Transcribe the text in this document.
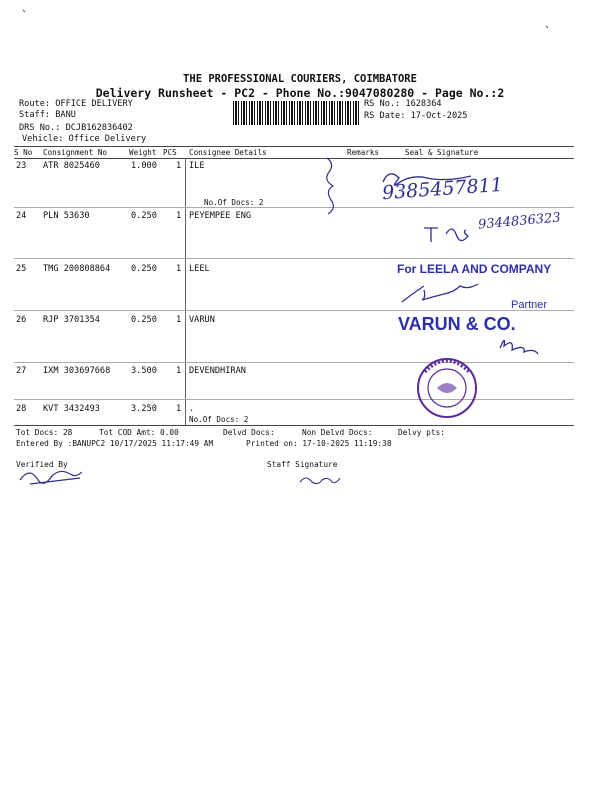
THE PROFESSIONAL COURIERS, COIMBATORE
Delivery Runsheet - PC2 - Phone No.:9047080280 - Page No.:2
Route: OFFICE DELIVERY
Staff: BANU
DRS No.: DCJB162836402
Vehicle: Office Delivery
RS No.: 1628364
RS Date: 17-Oct-2025
S No Consignment No	Weight PCS Consignee Details	Remarks	Seal & Signature
23 ATR 8025460	1.000 1 ILE
No.Of Docs: 2
24 PLN 53630	0.250 1 PEYEMPEE ENG
25 TMG 200808864 0.250 1 LEEL
26 RJP 3701354	0.250 1 VARUN
27 IXM 303697668 3.500 1 DEVENDHIRAN
28 KVT 3432493	3.250 1 .
No.Of Docs: 2
Tot Docs: 28	Tot COD Amt: 0.00	Delvd Docs:	Non Delvd Docs:	Delvy pts:
Entered By :BANUPC2 10/17/2025 11:17:49 AM	Printed on: 17-10-2025 11:19:38
Verified By	Staff Signature
9385457811
9344836323
For LEELA AND COMPANY
Partner
VARUN & CO.
